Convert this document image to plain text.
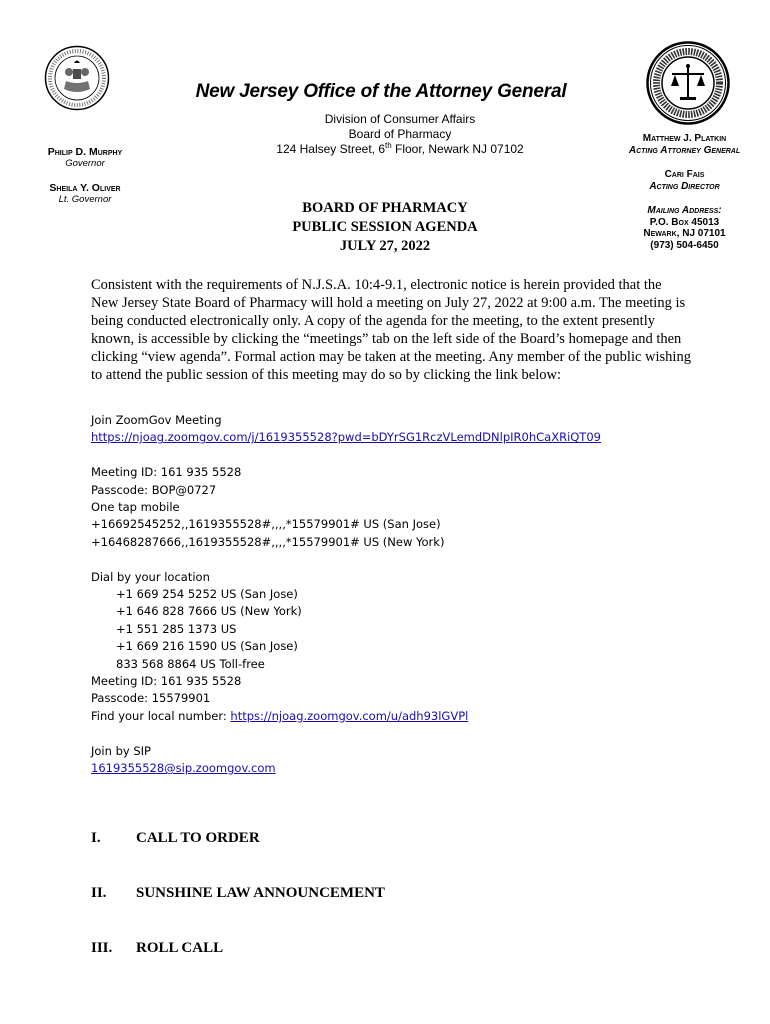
New Jersey Office of the Attorney General
Division of Consumer Affairs
Board of Pharmacy
124 Halsey Street, 6th Floor, Newark NJ 07102
Philip D. Murphy
Governor
Sheila Y. Oliver
Lt. Governor
Matthew J. Platkin
Acting Attorney General
Cari Fais
Acting Director
Mailing Address:
P.O. Box 45013
Newark, NJ 07101
(973) 504-6450
BOARD OF PHARMACY
PUBLIC SESSION AGENDA
JULY 27, 2022
Consistent with the requirements of N.J.S.A. 10:4-9.1, electronic notice is herein provided that the New Jersey State Board of Pharmacy will hold a meeting on July 27, 2022 at 9:00 a.m. The meeting is being conducted electronically only. A copy of the agenda for the meeting, to the extent presently known, is accessible by clicking the “meetings” tab on the left side of the Board’s homepage and then clicking “view agenda”. Formal action may be taken at the meeting. Any member of the public wishing to attend the public session of this meeting may do so by clicking the link below:
Join ZoomGov Meeting
https://njoag.zoomgov.com/j/1619355528?pwd=bDYrSG1RczVLemdDNlpIR0hCaXRiQT09
Meeting ID: 161 935 5528
Passcode: BOP@0727
One tap mobile
+16692545252,,1619355528#,,,,*15579901# US (San Jose)
+16468287666,,1619355528#,,,,*15579901# US (New York)
Dial by your location
+1 669 254 5252 US (San Jose)
+1 646 828 7666 US (New York)
+1 551 285 1373 US
+1 669 216 1590 US (San Jose)
833 568 8864 US Toll-free
Meeting ID: 161 935 5528
Passcode: 15579901
Find your local number: https://njoag.zoomgov.com/u/adh93lGVPl
Join by SIP
1619355528@sip.zoomgov.com
I. CALL TO ORDER
II. SUNSHINE LAW ANNOUNCEMENT
III. ROLL CALL
